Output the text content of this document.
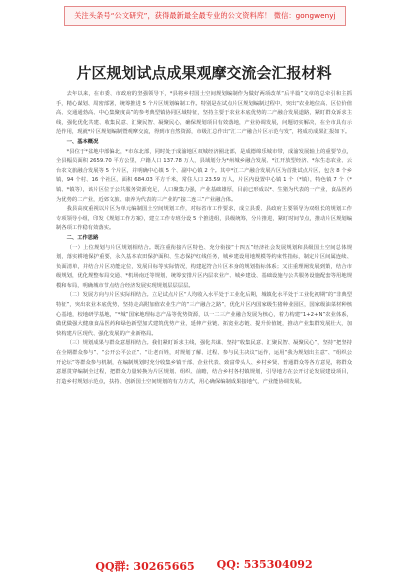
关注头条号“公文研究”，获得最新最全最专业的公文资料库！ 微信：gongwenyj
片区规划试点成果观摩交流会汇报材料

去年以来，在市委、市政府的坚强领导下，*县将乡村国土空间规划编制作为做好两项改革“后半篇”文章的总牵引和主抓手，精心谋划、周密部署，统筹推进 5 个片区规划编制工作。特别是在试点片区规划编制过程中，突出“农业地位高、区位价值高、交通通勃高、中心集聚度高”的参考典型镇协同区域特征，坚持主要于农业本底优势的二产融合发展道路，紧盯群众诉求主线，强化优化共建、收集民意、汇聚民智、凝聚民心，确保规划项目有效落地，产业协调发展，问题切实解决，在全市具有示范作用，现就*片区规划编制暨观摩交流，得到市自然资源，市级汇总作出“汇二产融合片区示范与发”，将成功成果汇报如下。

一、基本概况

*县位于*盆地中部偏北，*市东北部，同时处于成渝地区双城经济圈北部，是成德绵乐城市带，成渝发展轴上的重要节点，全县幅员面积 2659.70 平方公里，户籍人口 137.78 万人，县域划分为*州城乡融合发展、*江开放型经济、*东生态农业、云台农文旅融合发展等 5 个片区，并明确中心镇 5 个、副中心镇 2 个。其中*江二产融合发展片区为首批试点片区，包含 8 个乡镇，94 个村、16 个社区，面积 684.03 平方千米，常住人口 23.59 万人，片区内设置中心镇 1 个（*镇），特色镇 7 个（*镇、*镇等），该片区位于公共服务资源充足，人口聚集力强，产业基础雄厚，目前已形成以*、生猪为代表的一产业，食品医药为优势的二产业，近郊文旅、康养为代表的三产业的“接二连三”产业融合体。

我县高度重视以片区为单元编制国土空间规划工作，对标省市工作要求，成立县委、县政府主要领导为双组长的规划工作专项领导小组，印发《规划工作方案》，建立工作专班分设 5 个推进组，县级统筹，分片推进，紧盯时间节点，推动片区规划编制各项工作稳有效落实。

二、工作思路

（一）上位规划与片区规划相结合。既注重衔接片区特色、充分衔接“十四五”经济社会发展规划和县级国土空间总体规划，落实耕地保护重要，永久基本农田保护面积、生态保护红线任务，城乡建设用地规模等约束性指标，制定片区间属连续、负面清单，并结合片区功能定位，发展目标等实际情况，构建起符合片区本身的规划指标体系；又注重理阐发展到策，结合市级规划，优化规整布局交通、*机场南迁等规划，统筹安排片区内层农业产、城乡建设、基础设施与公共服务设施配套等用地规模和布局，明确城市节点结合经济发展实现规划层层层层。

（二）发展方向与片区实际相结合。立足试点片区“人均收入水平处于工业化后期，城镇化水平处于工业化初期”的“非典型特征”，突出农业本底优势，坚持走高附加值农业生产的“三产融合之路”，优化片区内国家级生猪种业园区，国家级油菜材种核心基地，校地研学基地，“*城”国家地理标志产品等优势资源，以一二三产业融合发展为核心，着力构建“1+2+N”农业体系，做优做强大健康食品医药和绿色新型加式建筑优势产业，延伸产业链、拓宽业态链、提升价值链，推动产业集群发展壮大，加快构建片区现代、强化发展的产业新格局。

（三）规划成果与群众意愿相结合。我们紧盯诉求主线，强化共谋、坚持“收集民意、汇聚民智、凝聚民心”，坚持“把坚持在全期群众参与”、“公开公平公正”、“让老百姓，对规划了解、过程、参与民主决议”运作，运用“我为规划出主意”、“组织公开论坛”等群众参与机制，在编制规划时充分收集乡镇干部、企业代表、致富带头人、乡村乡贤、普通群众等各方意见，将群众意愿贯穿编制全过程，把群众力量转换为片区规划、组织、前瞻，结合乡村各村镇规划，引导地方在公开讨论发展建设项目，打造乡村规划示范点，扶持、创新国土空间规划的有力方式，用心确保编制成果接地气，产业能协调发展。

QQ群: 30265665 QQ: 535304092
